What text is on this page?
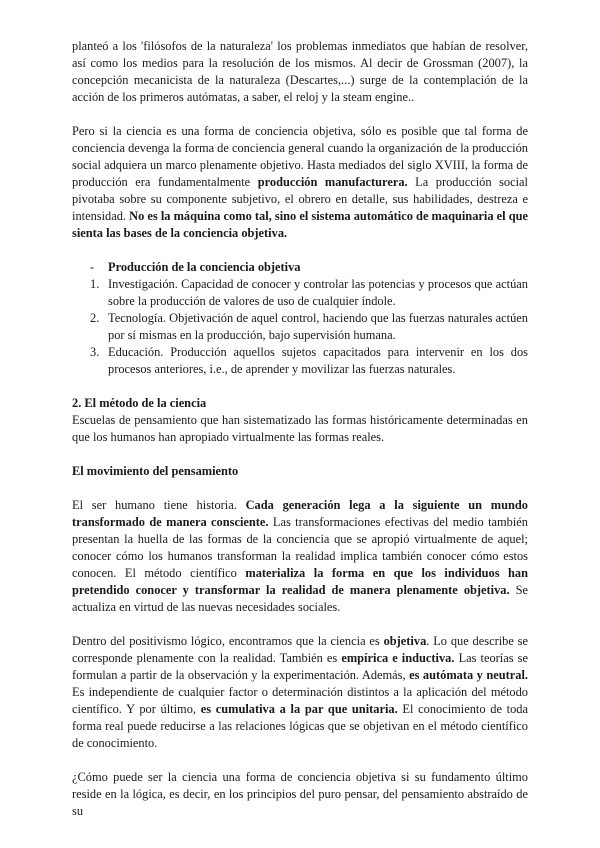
planteó a los 'filósofos de la naturaleza' los problemas inmediatos que habían de resolver, así como los medios para la resolución de los mismos. Al decir de Grossman (2007), la concepción mecanicista de la naturaleza (Descartes,...) surge de la contemplación de la acción de los primeros autómatas, a saber, el reloj y la steam engine..

Pero si la ciencia es una forma de conciencia objetiva, sólo es posible que tal forma de conciencia devenga la forma de conciencia general cuando la organización de la producción social adquiera un marco plenamente objetivo. Hasta mediados del siglo XVIII, la forma de producción era fundamentalmente producción manufacturera. La producción social pivotaba sobre su componente subjetivo, el obrero en detalle, sus habilidades, destreza e intensidad. No es la máquina como tal, sino el sistema automático de maquinaria el que sienta las bases de la conciencia objetiva.

- Producción de la conciencia objetiva
1. Investigación. Capacidad de conocer y controlar las potencias y procesos que actúan sobre la producción de valores de uso de cualquier índole.
2. Tecnología. Objetivación de aquel control, haciendo que las fuerzas naturales actúen por sí mismas en la producción, bajo supervisión humana.
3. Educación. Producción aquellos sujetos capacitados para intervenir en los dos procesos anteriores, i.e., de aprender y movilizar las fuerzas naturales.

2. El método de la ciencia

Escuelas de pensamiento que han sistematizado las formas históricamente determinadas en que los humanos han apropiado virtualmente las formas reales.

El movimiento del pensamiento

El ser humano tiene historia. Cada generación lega a la siguiente un mundo transformado de manera consciente. Las transformaciones efectivas del medio también presentan la huella de las formas de la conciencia que se apropió virtualmente de aquel; conocer cómo los humanos transforman la realidad implica también conocer cómo estos conocen. El método científico materializa la forma en que los individuos han pretendido conocer y transformar la realidad de manera plenamente objetiva. Se actualiza en virtud de las nuevas necesidades sociales.

Dentro del positivismo lógico, encontramos que la ciencia es objetiva. Lo que describe se corresponde plenamente con la realidad. También es empírica e inductiva. Las teorías se formulan a partir de la observación y la experimentación. Además, es autómata y neutral. Es independiente de cualquier factor o determinación distintos a la aplicación del método científico. Y por último, es cumulativa a la par que unitaria. El conocimiento de toda forma real puede reducirse a las relaciones lógicas que se objetivan en el método científico de conocimiento.

¿Cómo puede ser la ciencia una forma de conciencia objetiva si su fundamento último reside en la lógica, es decir, en los principios del puro pensar, del pensamiento abstraído de su
